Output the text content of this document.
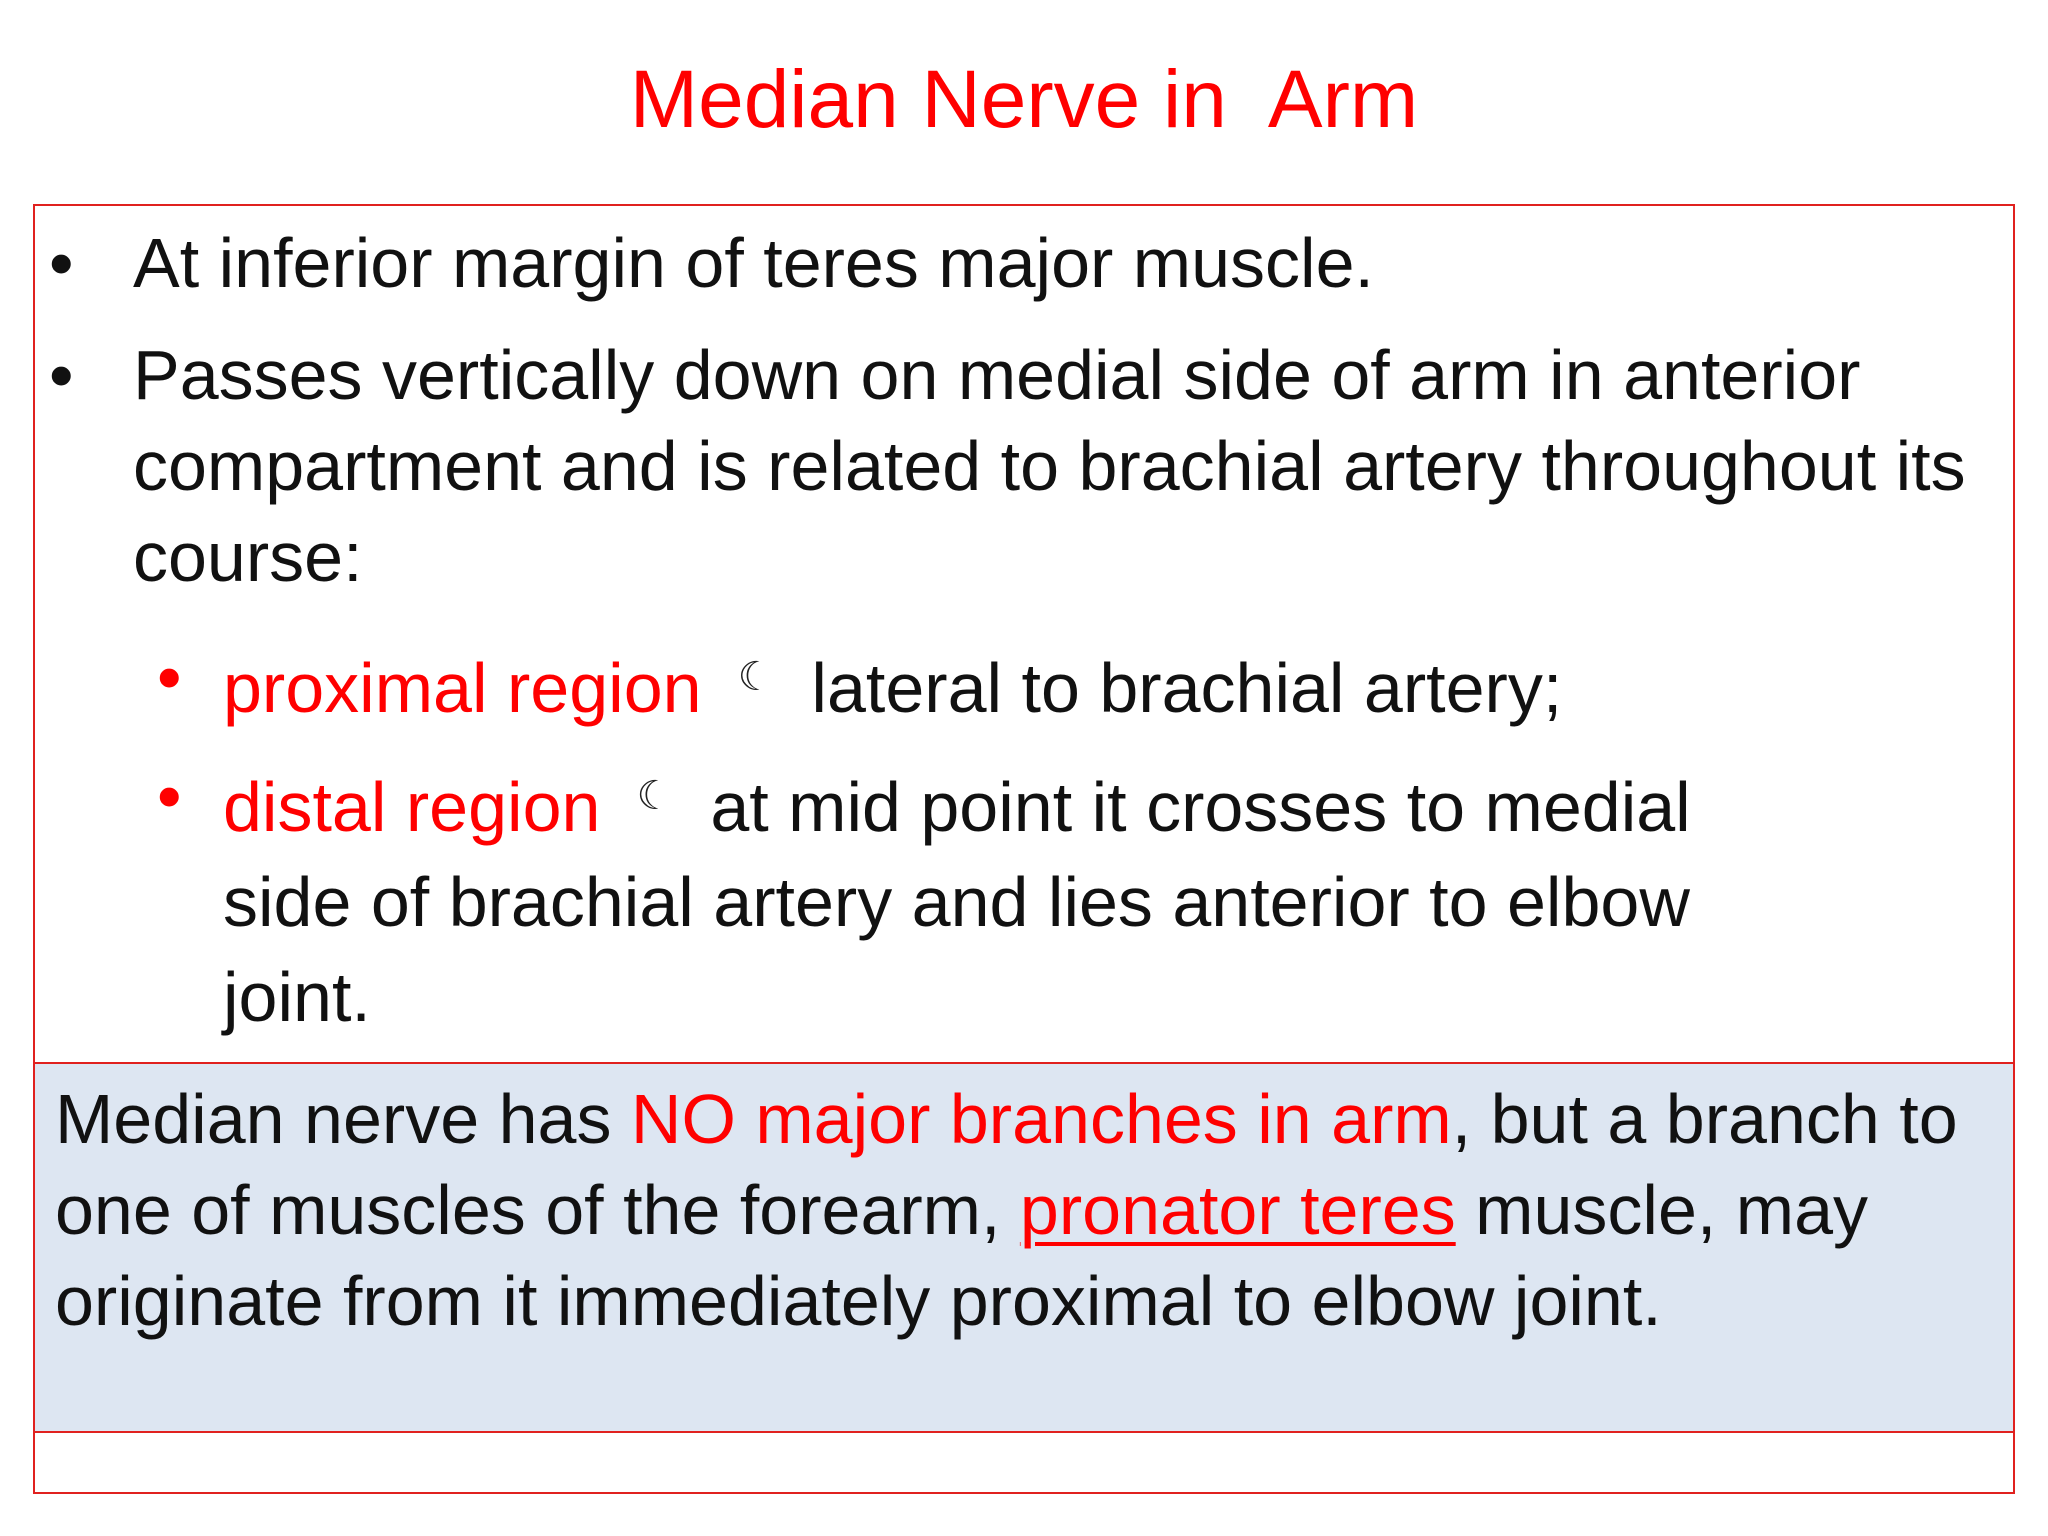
Median Nerve in  Arm
• At inferior margin of teres major muscle.
• Passes vertically down on medial side of arm in anterior compartment and is related to brachial artery throughout its course:
• proximal region ☾ lateral to brachial artery;
• distal region ☾ at mid point it crosses to medial side of brachial artery and lies anterior to elbow joint.
Median nerve has NO major branches in arm, but a branch to one of muscles of the forearm, pronator teres muscle, may originate from it immediately proximal to elbow joint.
